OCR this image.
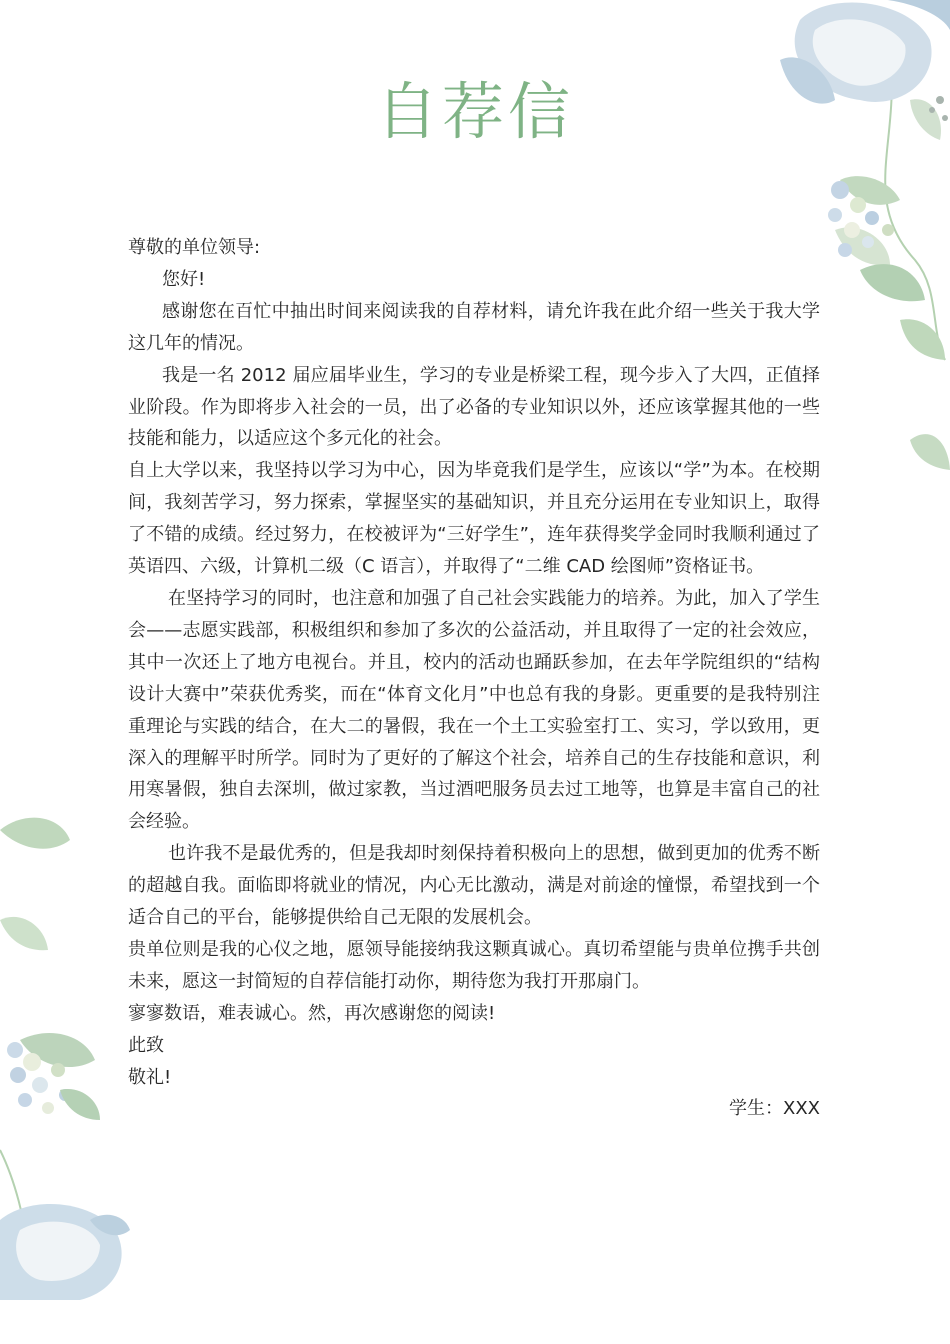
自荐信

尊敬的单位领导:

您好!

感谢您在百忙中抽出时间来阅读我的自荐材料，请允许我在此介绍一些关于我大学 这几年的情况。

我是一名 2012 届应届毕业生，学习的专业是桥梁工程，现今步入了大四，正值择业阶段。作为即将步入社会的一员，出了必备的专业知识以外，还应该掌握其他的一些技能和能力，以适应这个多元化的社会。

自上大学以来，我坚持以学习为中心，因为毕竟我们是学生，应该以“学”为本。在校期间，我刻苦学习，努力探索，掌握坚实的基础知识，并且充分运用在专业知识上，取得了不错的成绩。经过努力，在校被评为“三好学生”，连年获得奖学金同时我顺利通过了英语四、六级，计算机二级（C 语言），并取得了“二维 CAD 绘图师”资格证书。

在坚持学习的同时，也注意和加强了自己社会实践能力的培养。为此，加入了学生会——志愿实践部，积极组织和参加了多次的公益活动，并且取得了一定的社会效应，其中一次还上了地方电视台。并且，校内的活动也踊跃参加，在去年学院组织的“结构设计大赛中”荣获优秀奖，而在“体育文化月”中也总有我的身影。更重要的是我特别注重理论与实践的结合，在大二的暑假，我在一个土工实验室打工、实习，学以致用，更深入的理解平时所学。同时为了更好的了解这个社会，培养自己的生存技能和意识，利用寒暑假，独自去深圳，做过家教，当过酒吧服务员去过工地等，也算是丰富自己的社会经验。

也许我不是最优秀的，但是我却时刻保持着积极向上的思想，做到更加的优秀不断的超越自我。面临即将就业的情况，内心无比激动，满是对前途的憧憬，希望找到一个适合自己的平台，能够提供给自己无限的发展机会。

贵单位则是我的心仪之地，愿领导能接纳我这颗真诚心。真切希望能与贵单位携手共创未来，愿这一封简短的自荐信能打动你，期待您为我打开那扇门。

寥寥数语，难表诚心。然，再次感谢您的阅读!

此致

敬礼!

学生：XXX
